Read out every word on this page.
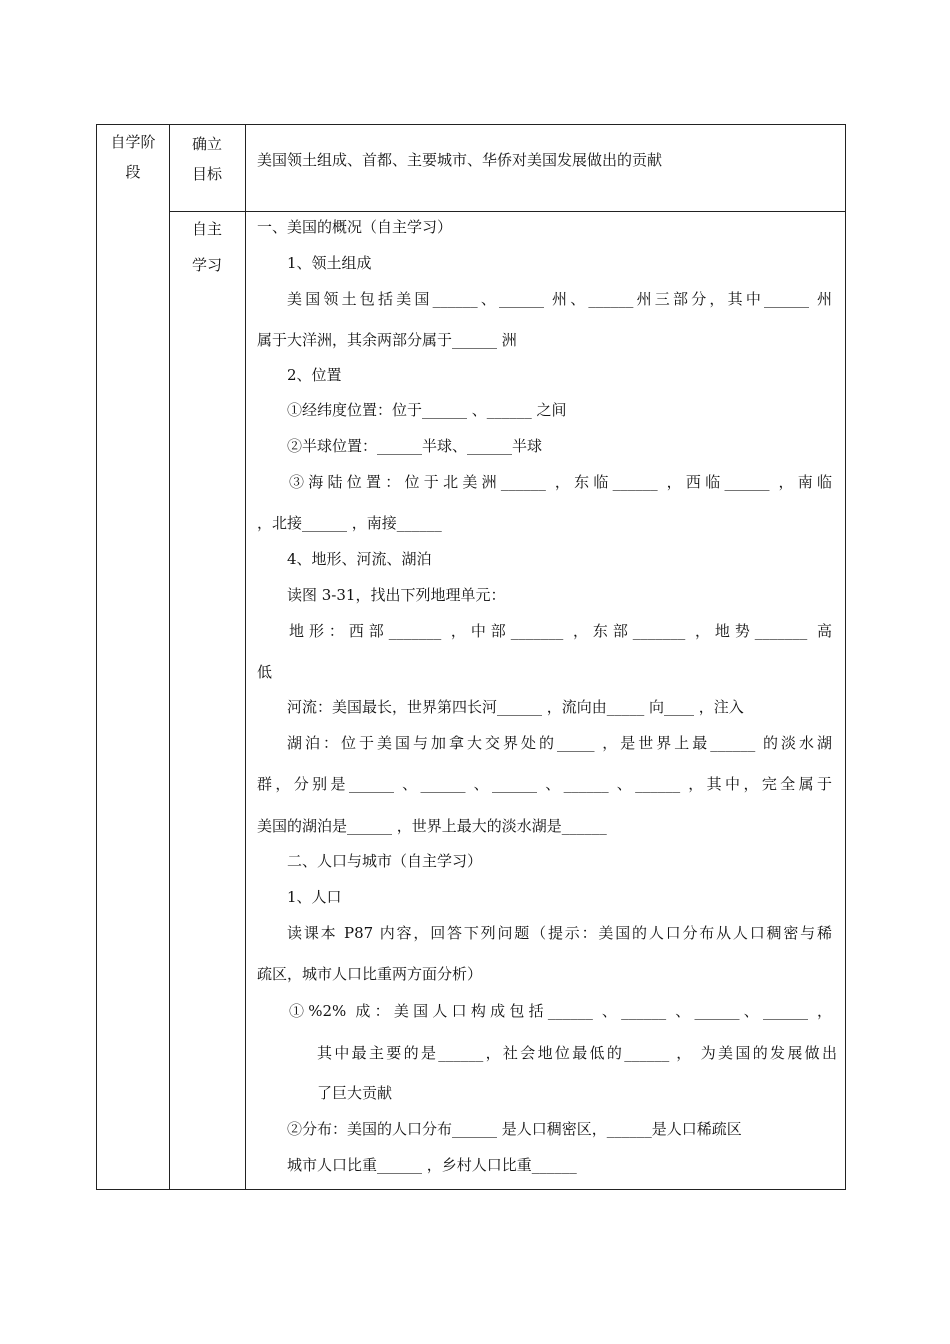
自学阶
段
确立
目标
美国领土组成、首都、主要城市、华侨对美国发展做出的贡献
自主
学习
一、美国的概况（自主学习）
1、领土组成
美国领土包括美国______、______ 州、______州三部分，其中______ 州
属于大洋洲，其余两部分属于______ 洲
2、位置
①经纬度位置：位于______ 、______ 之间
②半球位置：______半球、______半球
③海陆位置：位于北美洲______ ，东临______ ，西临______ ，南临
，北接______ ，南接______
4、地形、河流、湖泊
读图 3-31，找出下列地理单元：
地形：西部_______ ，中部_______ ，东部_______ ，地势_______ 高
低
河流：美国最长，世界第四长河______ ，流向由_____ 向____ ，注入
湖泊：位于美国与加拿大交界处的_____ ，是世界上最______ 的淡水湖
群，分别是______ 、______ 、______ 、______ 、______ ，其中，完全属于
美国的湖泊是______ ，世界上最大的淡水湖是______
二、人口与城市（自主学习）
1、人口
读课本 P87 内容，回答下列问题（提示：美国的人口分布从人口稠密与稀
疏区，城市人口比重两方面分析）
①%2% 成：美国人口构成包括______ 、______ 、______、______ ，
其中最主要的是______，社会地位最低的______ ， 为美国的发展做出
了巨大贡献
②分布：美国的人口分布______ 是人口稠密区，______是人口稀疏区
城市人口比重______ ，乡村人口比重______
